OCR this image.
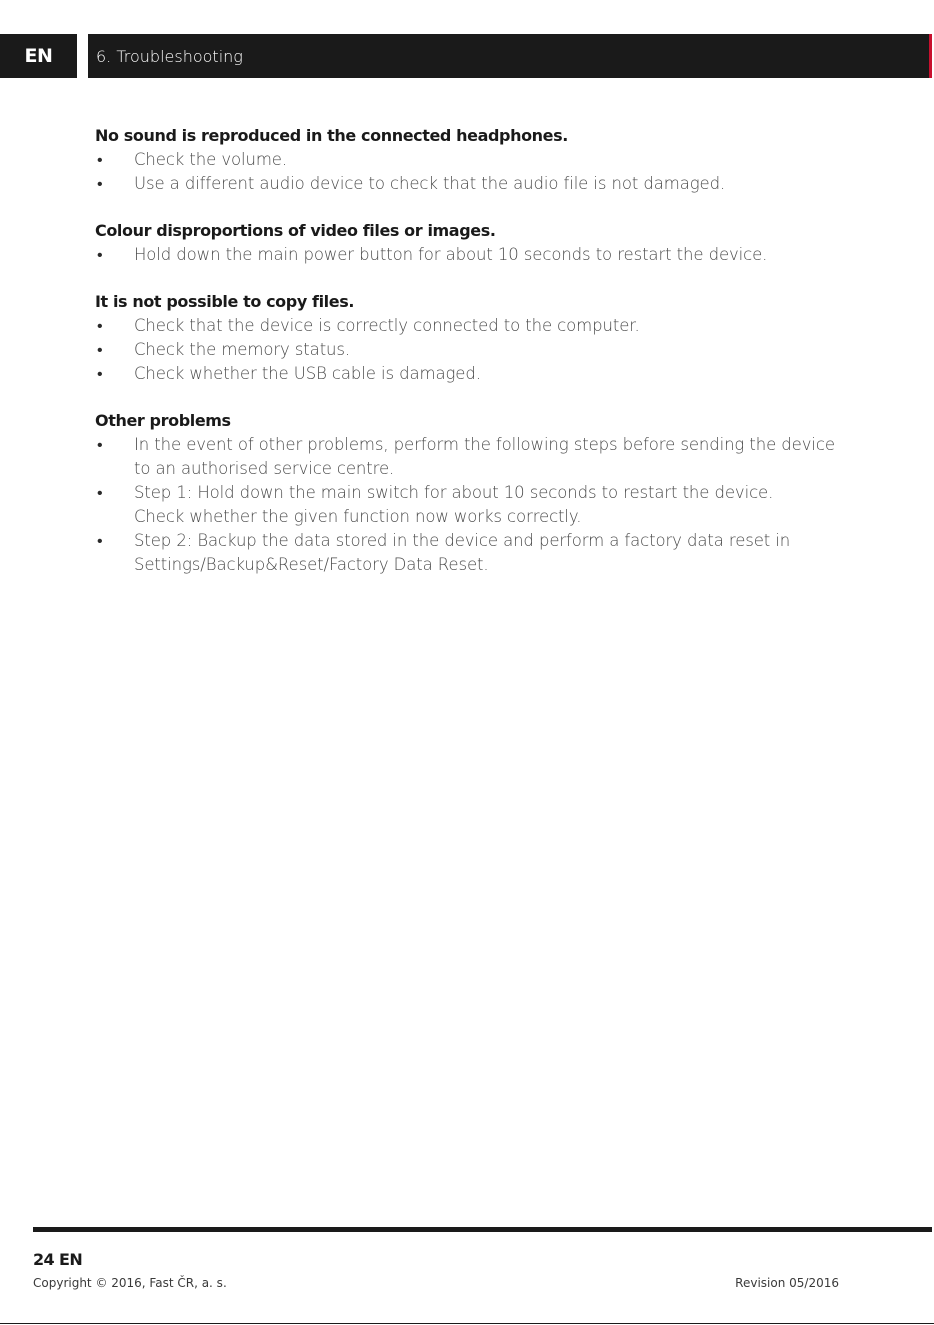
EN	6. Troubleshooting
No sound is reproduced in the connected headphones.
• Check the volume.
• Use a different audio device to check that the audio file is not damaged.
Colour disproportions of video files or images.
• Hold down the main power button for about 10 seconds to restart the device.
It is not possible to copy files.
• Check that the device is correctly connected to the computer.
• Check the memory status.
• Check whether the USB cable is damaged.
Other problems
• In the event of other problems, perform the following steps before sending the device
to an authorised service centre.
• Step 1: Hold down the main switch for about 10 seconds to restart the device.
Check whether the given function now works correctly.
• Step 2: Backup the data stored in the device and perform a factory data reset in
Settings/Backup&Reset/Factory Data Reset.
24 EN
Copyright © 2016, Fast ČR, a. s.	Revision 05/2016
